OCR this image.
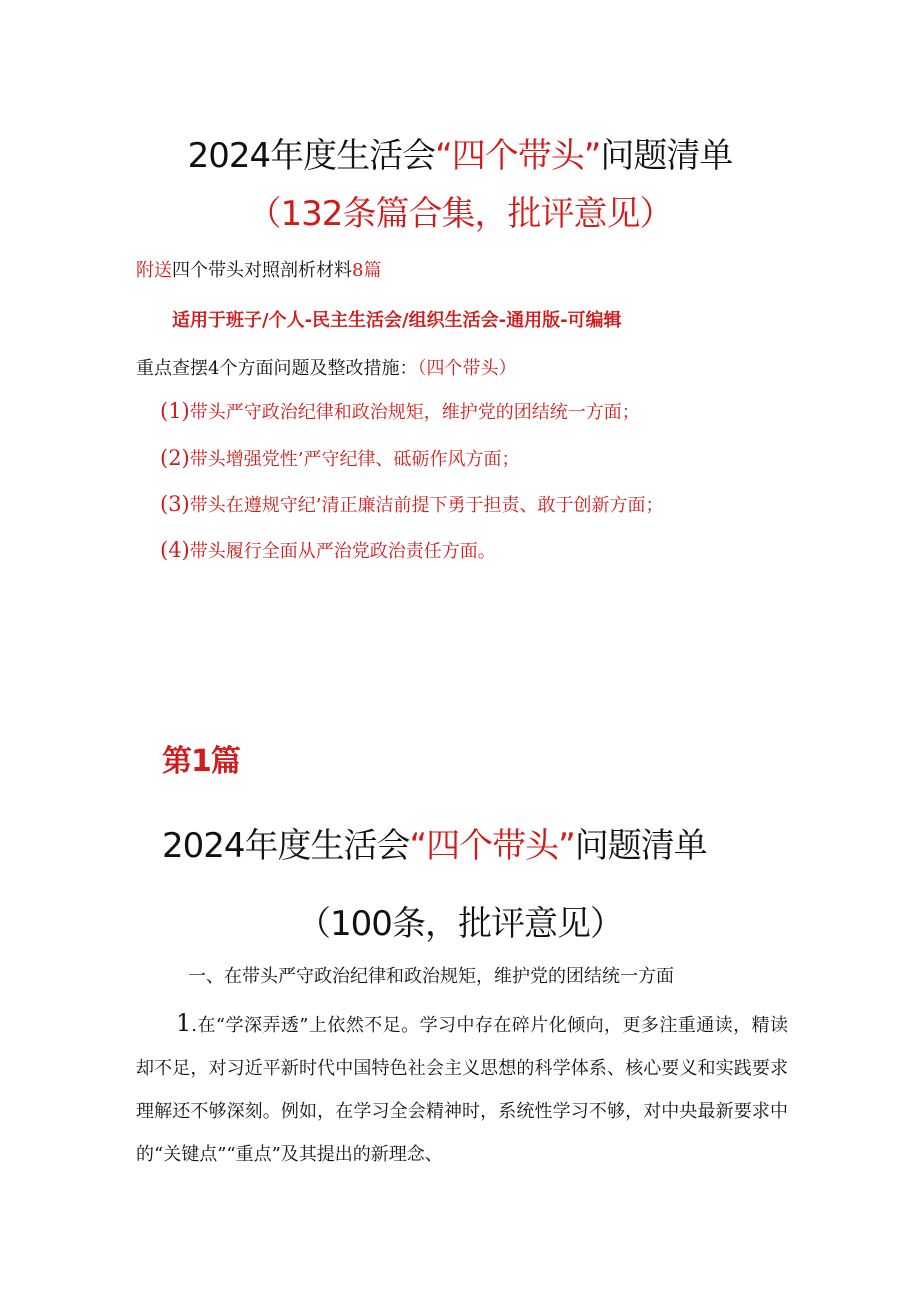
2024年度生活会“四个带头”问题清单
（132条篇合集，批评意见）
附送四个带头对照剖析材料8篇
适用于班子/个人-民主生活会/组织生活会-通用版-可编辑
重点查摆4个方面问题及整改措施：（四个带头）
(1)带头严守政治纪律和政治规矩，维护党的团结统一方面；
(2)带头增强党性’严守纪律、砥砺作风方面；
(3)带头在遵规守纪’清正廉洁前提下勇于担责、敢于创新方面；
(4)带头履行全面从严治党政治责任方面。
第1篇
2024年度生活会“四个带头”问题清单
（100条，批评意见）
一、在带头严守政治纪律和政治规矩，维护党的团结统一方面
1.在“学深弄透”上依然不足。学习中存在碎片化倾向，更多注重通读，精读却不足，对习近平新时代中国特色社会主义思想的科学体系、核心要义和实践要求理解还不够深刻。例如，在学习全会精神时，系统性学习不够，对中央最新要求中的“关键点”“重点”及其提出的新理念、
